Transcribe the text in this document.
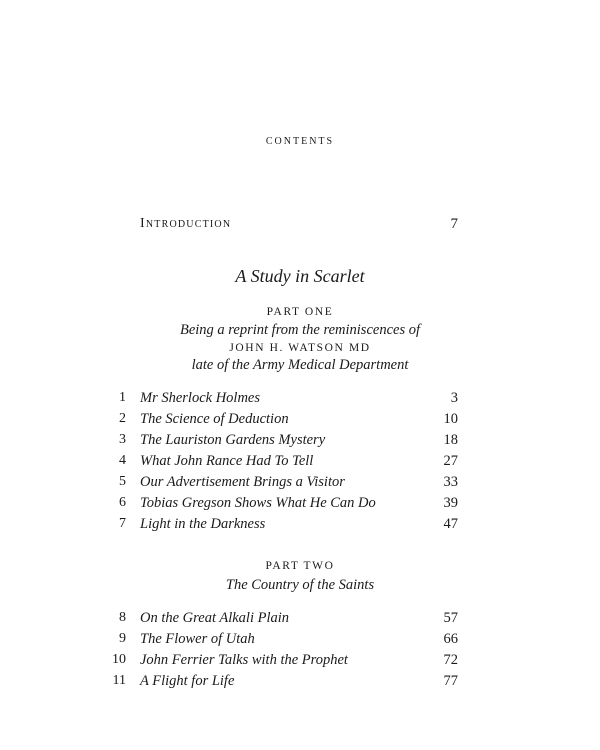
contents
Introduction	7
A Study in Scarlet
PART ONE
Being a reprint from the reminiscences of
JOHN H. WATSON MD
late of the Army Medical Department
1 Mr Sherlock Holmes	3
2 The Science of Deduction	10
3 The Lauriston Gardens Mystery	18
4 What John Rance Had To Tell	27
5 Our Advertisement Brings a Visitor	33
6 Tobias Gregson Shows What He Can Do	39
7 Light in the Darkness	47
PART TWO
The Country of the Saints
8 On the Great Alkali Plain	57
9 The Flower of Utah	66
10 John Ferrier Talks with the Prophet	72
11 A Flight for Life	77
